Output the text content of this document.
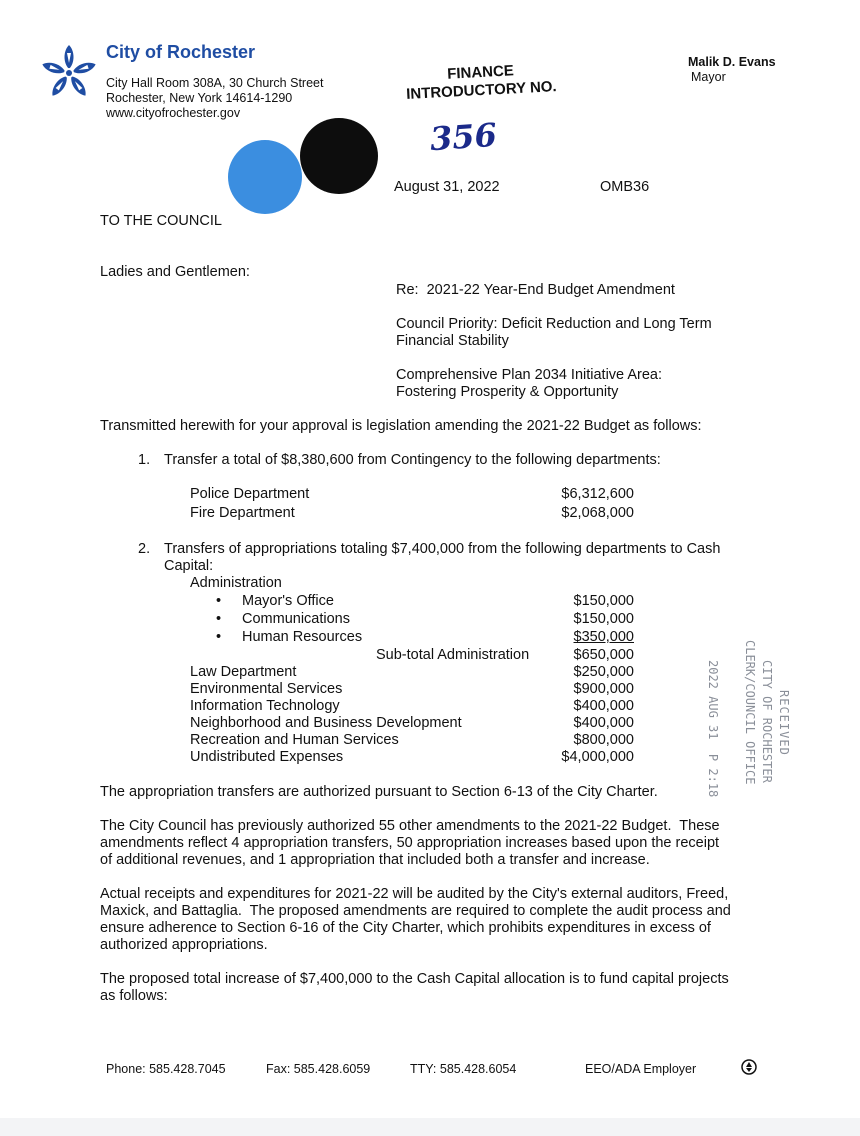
City of Rochester
City Hall Room 308A, 30 Church Street
Rochester, New York 14614-1290
www.cityofrochester.gov
Malik D. Evans
Mayor
FINANCE
INTRODUCTORY NO.
356
August 31, 2022	OMB36
TO THE COUNCIL
Ladies and Gentlemen:
Re:  2021-22 Year-End Budget Amendment
Council Priority: Deficit Reduction and Long Term
Financial Stability
Comprehensive Plan 2034 Initiative Area:
Fostering Prosperity & Opportunity
Transmitted herewith for your approval is legislation amending the 2021-22 Budget as follows:
1. Transfer a total of $8,380,600 from Contingency to the following departments:
Police Department	$6,312,600
Fire Department	$2,068,000
2. Transfers of appropriations totaling $7,400,000 from the following departments to Cash
Capital:
Administration
• Mayor's Office	$150,000
• Communications	$150,000
• Human Resources	$350,000
Sub-total Administration	$650,000
Law Department	$250,000
Environmental Services	$900,000
Information Technology	$400,000
Neighborhood and Business Development	$400,000
Recreation and Human Services	$800,000
Undistributed Expenses	$4,000,000
RECEIVED
CITY OF ROCHESTER
CLERK/COUNCIL OFFICE
2022 AUG 31  P 2:18
The appropriation transfers are authorized pursuant to Section 6-13 of the City Charter.
The City Council has previously authorized 55 other amendments to the 2021-22 Budget.  These
amendments reflect 4 appropriation transfers, 50 appropriation increases based upon the receipt
of additional revenues, and 1 appropriation that included both a transfer and increase.
Actual receipts and expenditures for 2021-22 will be audited by the City's external auditors, Freed,
Maxick, and Battaglia.  The proposed amendments are required to complete the audit process and
ensure adherence to Section 6-16 of the City Charter, which prohibits expenditures in excess of
authorized appropriations.
The proposed total increase of $7,400,000 to the Cash Capital allocation is to fund capital projects
as follows:
Phone: 585.428.7045	Fax: 585.428.6059	TTY: 585.428.6054	EEO/ADA Employer
